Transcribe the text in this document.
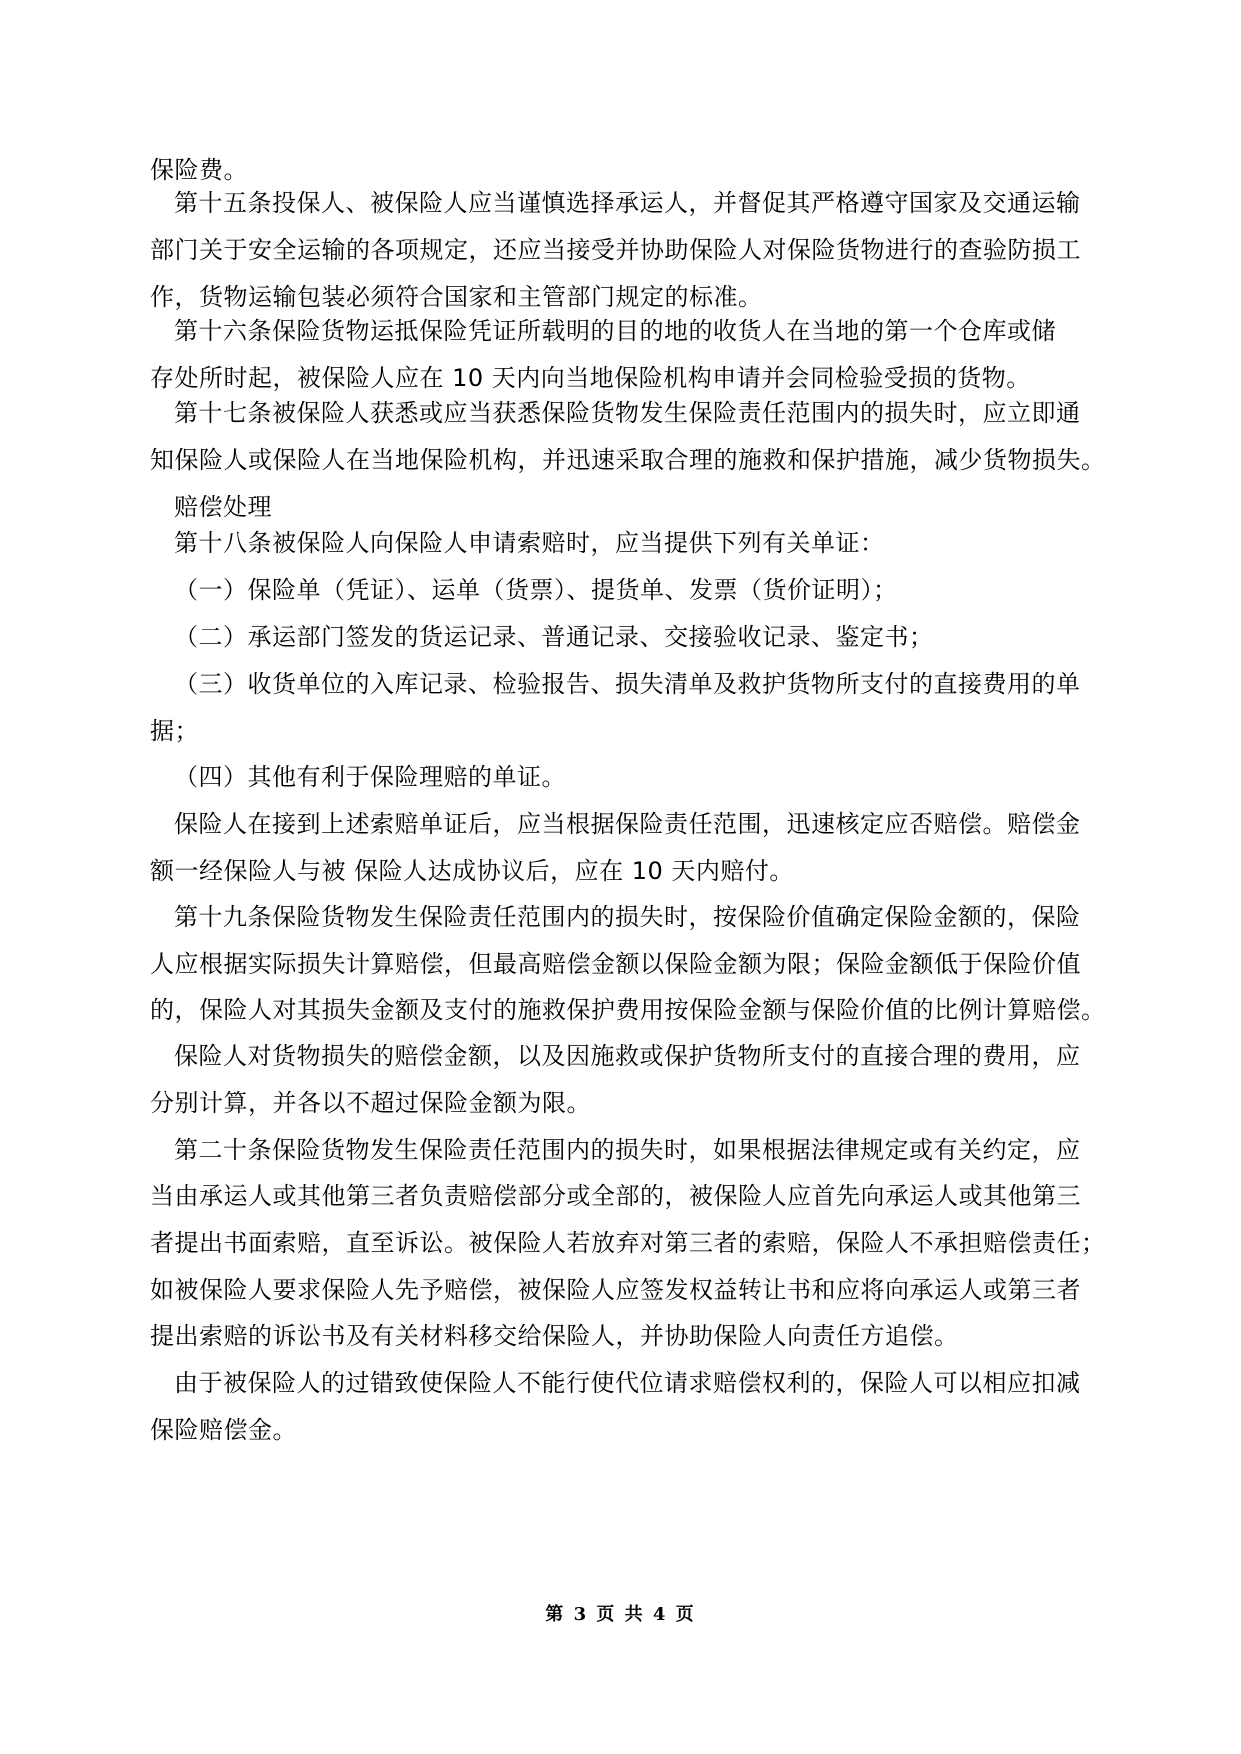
保险费。
第十五条投保人、被保险人应当谨慎选择承运人，并督促其严格遵守国家及交通运输
部门关于安全运输的各项规定，还应当接受并协助保险人对保险货物进行的查验防损工
作，货物运输包装必须符合国家和主管部门规定的标准。
第十六条保险货物运抵保险凭证所载明的目的地的收货人在当地的第一个仓库或储
存处所时起，被保险人应在 10 天内向当地保险机构申请并会同检验受损的货物。
第十七条被保险人获悉或应当获悉保险货物发生保险责任范围内的损失时，应立即通
知保险人或保险人在当地保险机构，并迅速采取合理的施救和保护措施，减少货物损失。
赔偿处理
第十八条被保险人向保险人申请索赔时，应当提供下列有关单证：
（一）保险单（凭证）、运单（货票）、提货单、发票（货价证明）；
（二）承运部门签发的货运记录、普通记录、交接验收记录、鉴定书；
（三）收货单位的入库记录、检验报告、损失清单及救护货物所支付的直接费用的单
据；
（四）其他有利于保险理赔的单证。
保险人在接到上述索赔单证后，应当根据保险责任范围，迅速核定应否赔偿。赔偿金
额一经保险人与被 保险人达成协议后，应在 10 天内赔付。
第十九条保险货物发生保险责任范围内的损失时，按保险价值确定保险金额的，保险
人应根据实际损失计算赔偿，但最高赔偿金额以保险金额为限；保险金额低于保险价值
的，保险人对其损失金额及支付的施救保护费用按保险金额与保险价值的比例计算赔偿。
保险人对货物损失的赔偿金额，以及因施救或保护货物所支付的直接合理的费用，应
分别计算，并各以不超过保险金额为限。
第二十条保险货物发生保险责任范围内的损失时，如果根据法律规定或有关约定，应
当由承运人或其他第三者负责赔偿部分或全部的，被保险人应首先向承运人或其他第三
者提出书面索赔，直至诉讼。被保险人若放弃对第三者的索赔，保险人不承担赔偿责任；
如被保险人要求保险人先予赔偿，被保险人应签发权益转让书和应将向承运人或第三者
提出索赔的诉讼书及有关材料移交给保险人，并协助保险人向责任方追偿。
由于被保险人的过错致使保险人不能行使代位请求赔偿权利的，保险人可以相应扣减
保险赔偿金。
第 3 页 共 4 页
